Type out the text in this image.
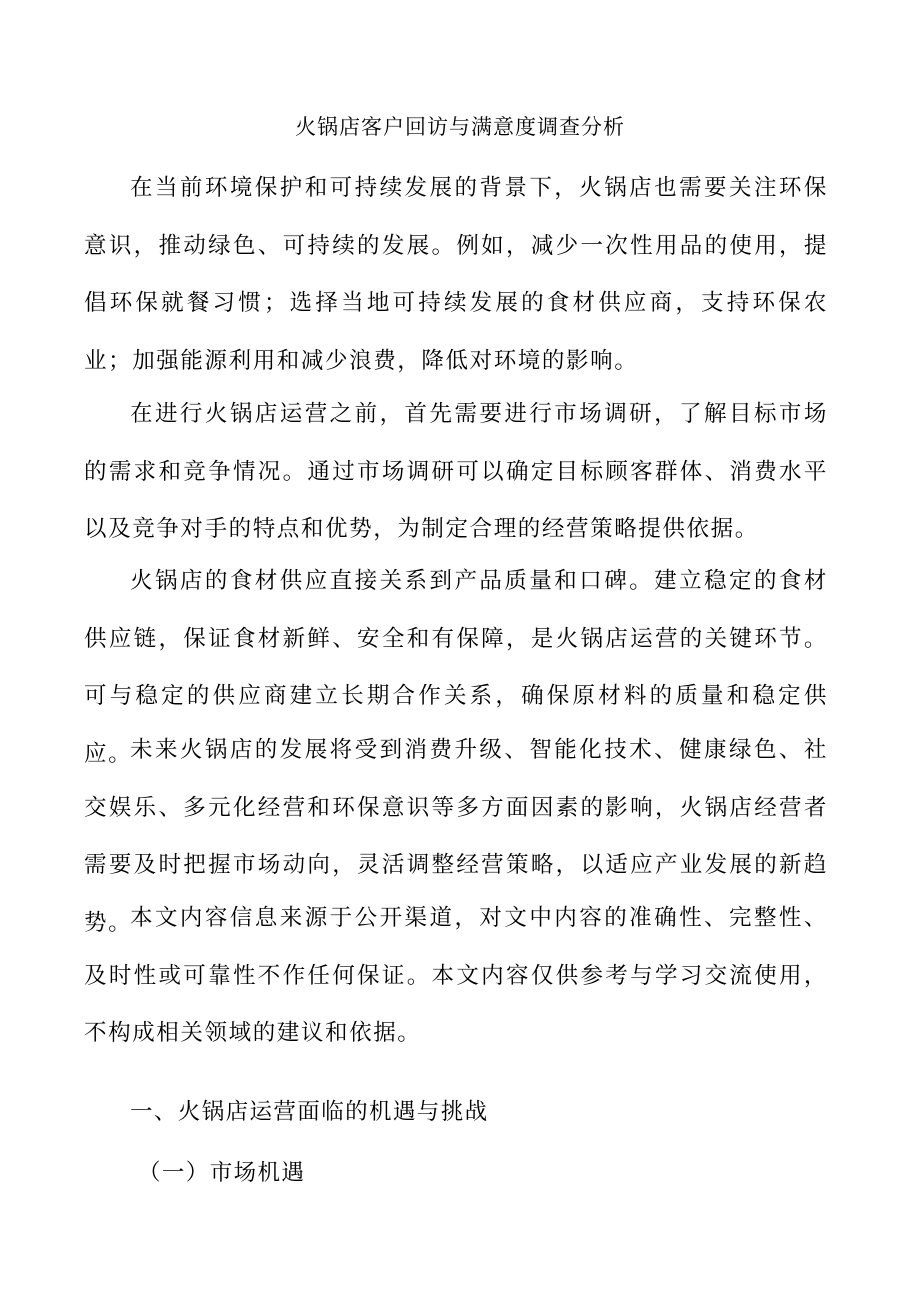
火锅店客户回访与满意度调查分析

在当前环境保护和可持续发展的背景下，火锅店也需要关注环保意识，推动绿色、可持续的发展。例如，减少一次性用品的使用，提倡环保就餐习惯；选择当地可持续发展的食材供应商，支持环保农业；加强能源利用和减少浪费，降低对环境的影响。

在进行火锅店运营之前，首先需要进行市场调研，了解目标市场的需求和竞争情况。通过市场调研可以确定目标顾客群体、消费水平以及竞争对手的特点和优势，为制定合理的经营策略提供依据。

火锅店的食材供应直接关系到产品质量和口碑。建立稳定的食材供应链，保证食材新鲜、安全和有保障，是火锅店运营的关键环节。可与稳定的供应商建立长期合作关系，确保原材料的质量和稳定供应。

未来火锅店的发展将受到消费升级、智能化技术、健康绿色、社交娱乐、多元化经营和环保意识等多方面因素的影响，火锅店经营者需要及时把握市场动向，灵活调整经营策略，以适应产业发展的新趋势。

本文内容信息来源于公开渠道，对文中内容的准确性、完整性、及时性或可靠性不作任何保证。本文内容仅供参考与学习交流使用，不构成相关领域的建议和依据。

一、火锅店运营面临的机遇与挑战
（一）市场机遇
